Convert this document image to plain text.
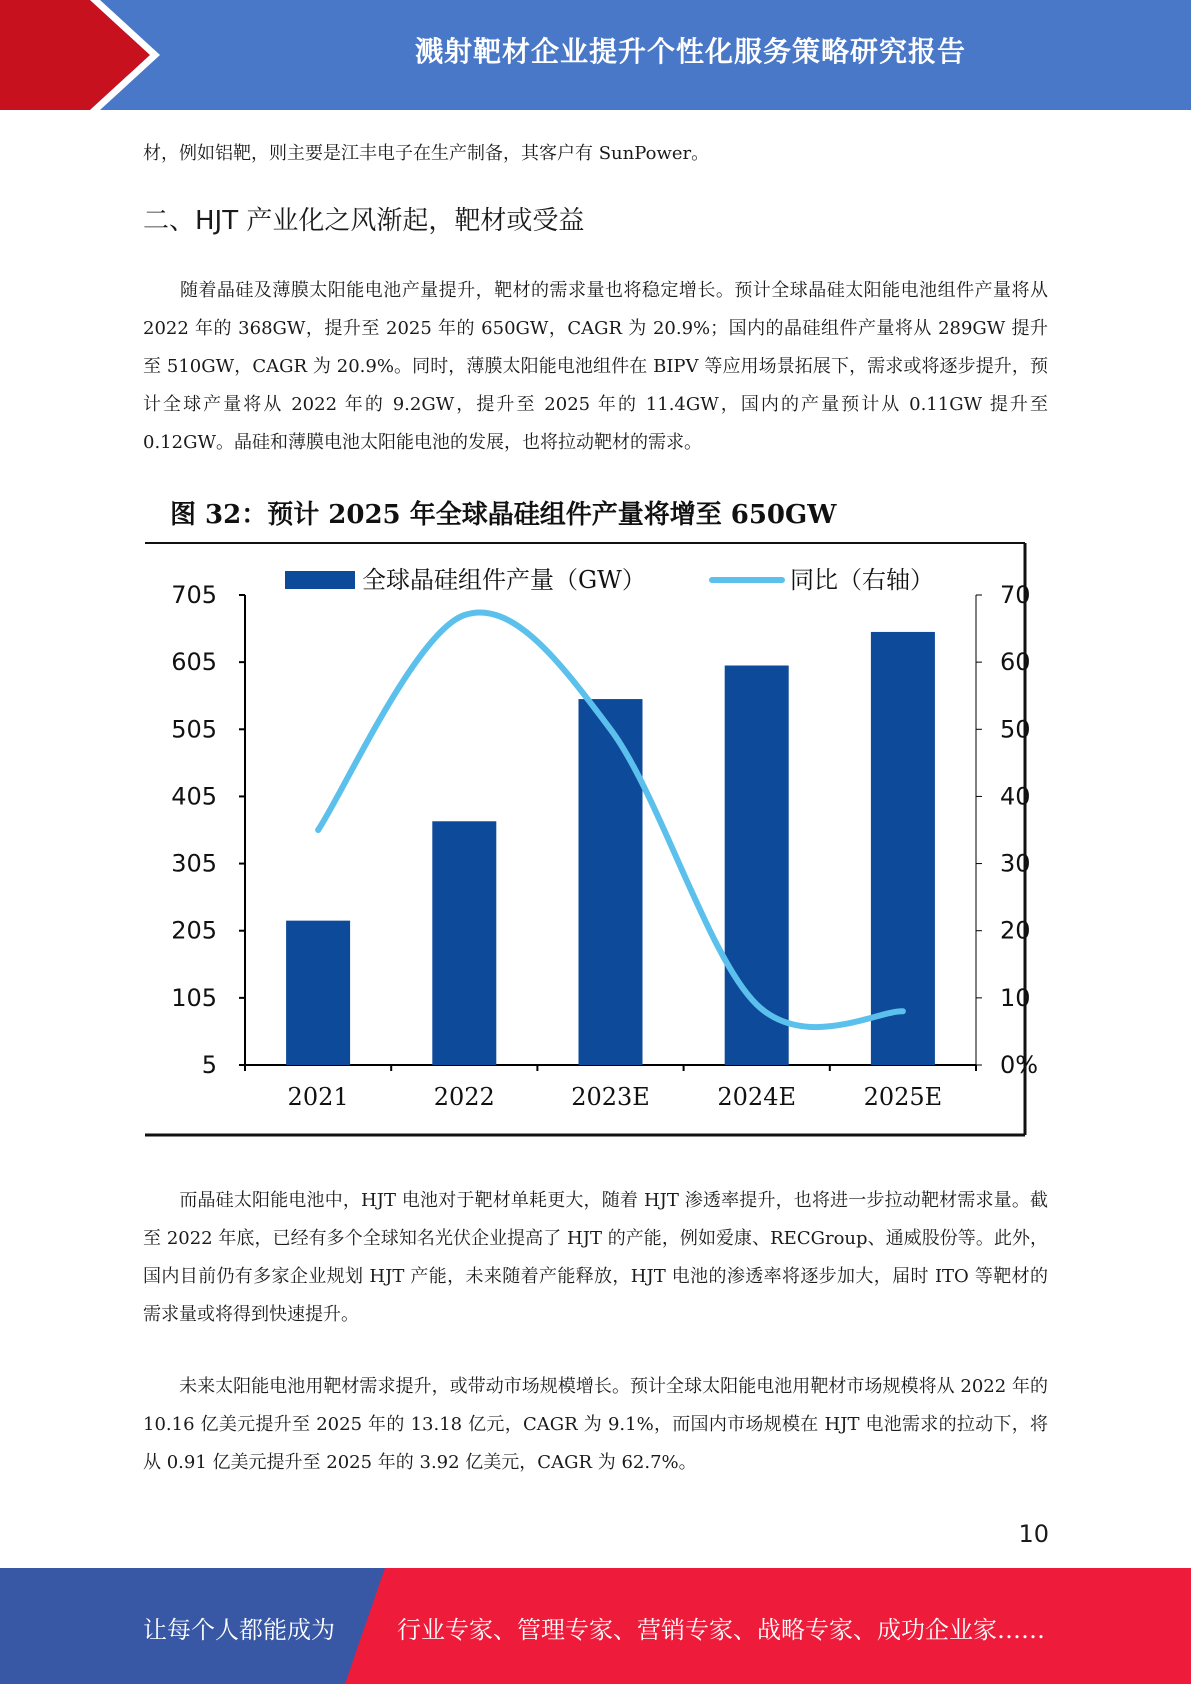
溅射靶材企业提升个性化服务策略研究报告

材，例如铝靶，则主要是江丰电子在生产制备，其客户有 SunPower。

二、HJT 产业化之风渐起，靶材或受益

　　随着晶硅及薄膜太阳能电池产量提升，靶材的需求量也将稳定增长。预计全球晶硅太阳能电池组件产量将从 2022 年的 368GW，提升至 2025 年的 650GW，CAGR 为 20.9%；国内的晶硅组件产量将从 289GW 提升至 510GW，CAGR 为 20.9%。同时，薄膜太阳能电池组件在 BIPV 等应用场景拓展下，需求或将逐步提升，预计全球产量将从 2022 年的 9.2GW，提升至 2025 年的 11.4GW，国内的产量预计从 0.11GW 提升至 0.12GW。晶硅和薄膜电池太阳能电池的发展，也将拉动靶材的需求。

图 32：预计 2025 年全球晶硅组件产量将增至 650GW
705
605
505
405
305
205
105
5
70
60
50
40
30
20
10
0%
2021	2022	2023E	2024E	2025E
全球晶硅组件产量（GW）	同比（右轴）

　　而晶硅太阳能电池中，HJT 电池对于靶材单耗更大，随着 HJT 渗透率提升，也将进一步拉动靶材需求量。截至 2022 年底，已经有多个全球知名光伏企业提高了 HJT 的产能，例如爱康、RECGroup、通威股份等。此外，国内目前仍有多家企业规划 HJT 产能，未来随着产能释放，HJT 电池的渗透率将逐步加大，届时 ITO 等靶材的需求量或将得到快速提升。

　　未来太阳能电池用靶材需求提升，或带动市场规模增长。预计全球太阳能电池用靶材市场规模将从 2022 年的 10.16 亿美元提升至 2025 年的 13.18 亿元，CAGR 为 9.1%，而国内市场规模在 HJT 电池需求的拉动下，将从 0.91 亿美元提升至 2025 年的 3.92 亿美元，CAGR 为 62.7%。

10
让每个人都能成为	行业专家、管理专家、营销专家、战略专家、成功企业家……
